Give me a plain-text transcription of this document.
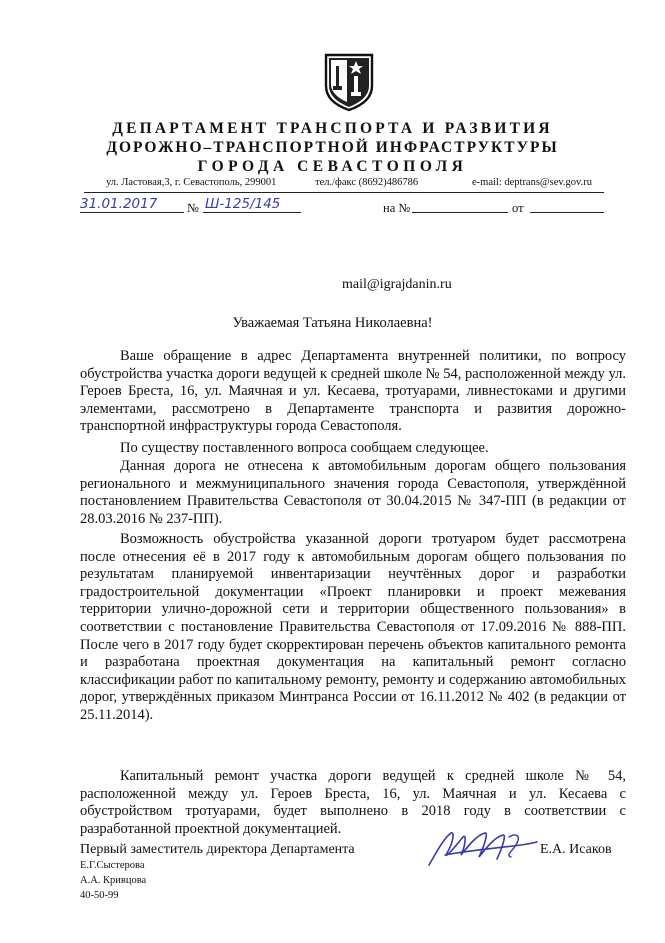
ДЕПАРТАМЕНТ ТРАНСПОРТА И РАЗВИТИЯ
ДОРОЖНО–ТРАНСПОРТНОЙ ИНФРАСТРУКТУРЫ
ГОРОДА СЕВАСТОПОЛЯ
ул. Ластовая,3, г. Севастополь, 299001	тел./факс (8692)486786	e-mail: deptrans@sev.gov.ru
31.01.2017 № Ш-125/145	на №	от
mail@igrajdanin.ru
Уважаемая Татьяна Николаевна!
Ваше обращение в адрес Департамента внутренней политики, по вопросу обустройства участка дороги ведущей к средней школе № 54, расположенной между ул. Героев Бреста, 16, ул. Маячная и ул. Кесаева, тротуарами, ливнестоками и другими элементами, рассмотрено в Департаменте транспорта и развития дорожно-транспортной инфраструктуры города Севастополя.
По существу поставленного вопроса сообщаем следующее.
Данная дорога не отнесена к автомобильным дорогам общего пользования регионального и межмуниципального значения города Севастополя, утверждённой постановлением Правительства Севастополя от 30.04.2015 № 347-ПП (в редакции от 28.03.2016 № 237-ПП).
Возможность обустройства указанной дороги тротуаром будет рассмотрена после отнесения её в 2017 году к автомобильным дорогам общего пользования по результатам планируемой инвентаризации неучтённых дорог и разработки градостроительной документации «Проект планировки и проект межевания территории улично-дорожной сети и территории общественного пользования» в соответствии с постановление Правительства Севастополя от 17.09.2016 № 888-ПП. После чего в 2017 году будет скорректирован перечень объектов капитального ремонта и разработана проектная документация на капитальный ремонт согласно классификации работ по капитальному ремонту, ремонту и содержанию автомобильных дорог, утверждённых приказом Минтранса России от 16.11.2012 № 402 (в редакции от 25.11.2014).
Капитальный ремонт участка дороги ведущей к средней школе № 54, расположенной между ул. Героев Бреста, 16, ул. Маячная и ул. Кесаева с обустройством тротуарами, будет выполнено в 2018 году в соответствии с разработанной проектной документацией.
Первый заместитель директора Департамента	Е.А. Исаков
Е.Г.Сыстерова
А.А. Кривцова
40-50-99
